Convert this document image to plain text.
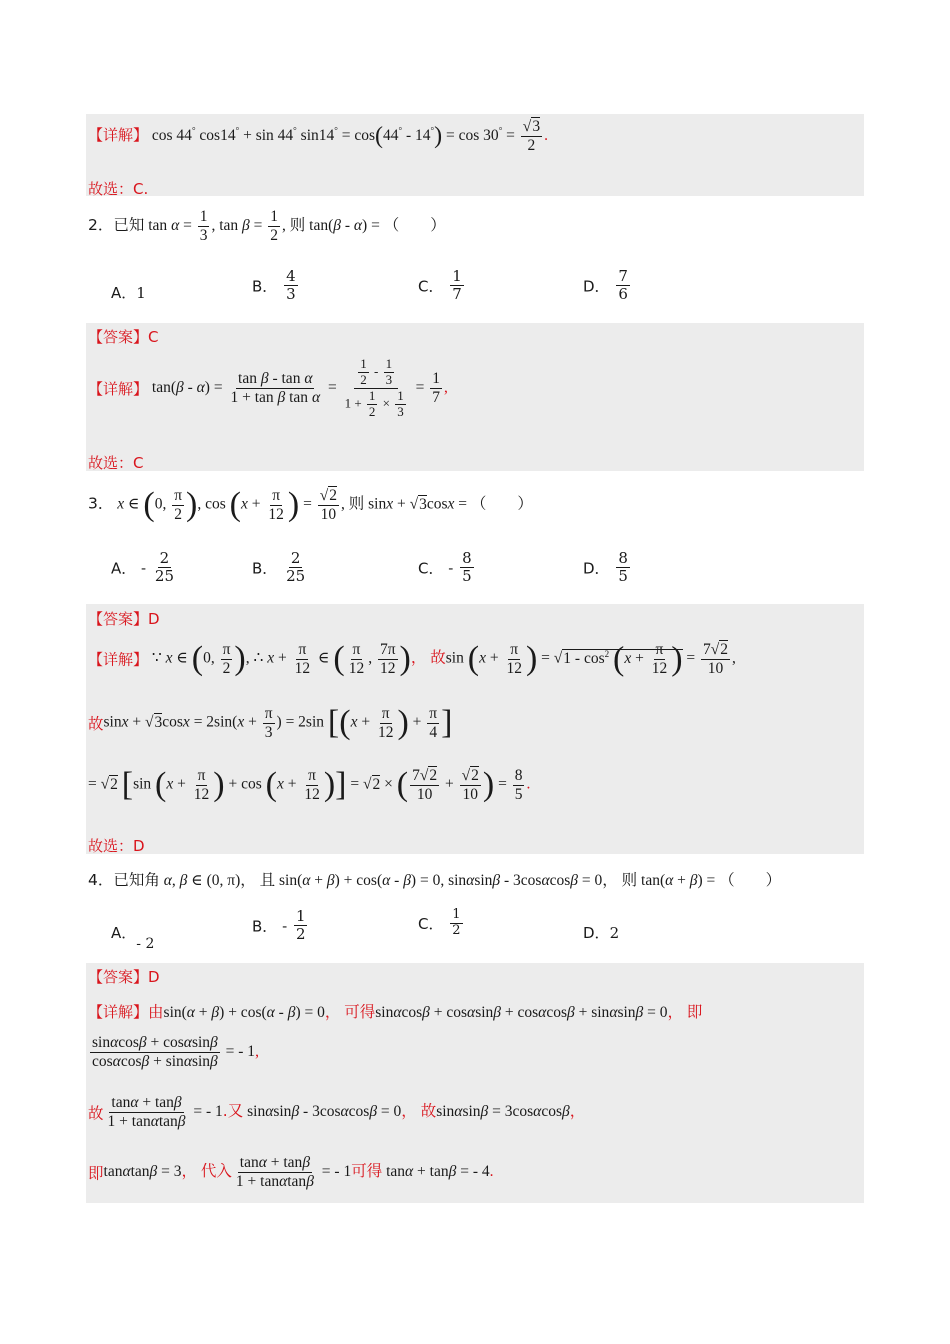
【详解】 cos 44° cos14° + sin 44° $\sin 14^\circ = \cos(44^\circ - 14^\circ) = \cos 30^\circ = \frac{√3}{2}$ .
故选：C.
2．已知 $\tan \alpha = \frac{1}{3}$ , $\tan \beta = \frac{1}{2}$ , 则 tan(β - α) = （　　）
A．1	B． $\frac{4}{3}$	C． $\frac{1}{7}$	D． $\frac{7}{6}$
【答案】C
【详解】 $\tan(\beta - \alpha) = \frac{\text{tan β - tan α}}{\text{1 + tan β tan α}} = \frac{\frac{1}{2} - \frac{1}{3}}{1 + \frac{1}{2} \times \frac{1}{3}} = \frac{1}{7}$ ,
故选：C
3． x ∈ (0, $\frac{\pi}{2}$ ), $\cos (x + \frac{\pi}{12}$ ) = $\frac{√2}{10}$ , 则 sinx + √3cosx = （　　）
A． - $\frac{2}{25}$	B． $\frac{2}{25}$	C． - $\frac{8}{5}$	D． $\frac{8}{5}$
【答案】D
【详解】 ∵ x ∈ (0, $\frac{\pi}{2}$ ), ∴ $x + \frac{\pi}{12}$ ∈ ( $\frac{\pi}{12}$ , $\frac{7\pi}{12}$ )， 故$\sin (x + \frac{\pi}{12}$ ) = $√1 - \cos^2 (x + \frac{\pi}{12}$ ) = $\frac{7√2}{10}$ ,
故$\sin x + √3\cos x = 2\sin(x + \frac{\pi}{3}$ ) = 2sin [($x + \frac{\pi}{12}$ ) + $\frac{\pi}{4}$ ]
= √2 [sin ($x + \frac{\pi}{12}$ ) + $\cos (x + \frac{\pi}{12}$ )] = √2 × ( $\frac{7√2}{10} + \frac{√2}{10}$ ) = $\frac{8}{5}$ .
故选：D
4．已知角 α, β ∈ (0, π)， 且 sin(α + β) + cos(α - β) = 0, sinαsinβ - 3cosαcosβ = 0， 则 tan(α + β) = （　　）
A．- 2
B． - $\frac{1}{2}$	C． $\frac{1}{2}$	D．2
【答案】D
【详解】由sin(α + β) + cos(α - β) = 0， 可得sinαcosβ + cosαsinβ + cosαcosβ + sinαsinβ = 0， 即
$\frac{\sin\alpha\cos\beta + \cos\alpha\sin\beta}{\cos\alpha\cos\beta + \sin\alpha\sin\beta}$ = - 1,
故 $\frac{\tan\alpha + \tan\beta}{1 + \tan\alpha\tan\beta}$ = - 1.又 sinαsinβ - 3cosαcosβ = 0， 故sinαsinβ = 3cosαcosβ，
即tanαtanβ = 3， 代入 $\frac{\tan\alpha + \tan\beta}{1 + \tan\alpha\tan\beta}$ = - 1可得 tanα + tanβ = - 4.
